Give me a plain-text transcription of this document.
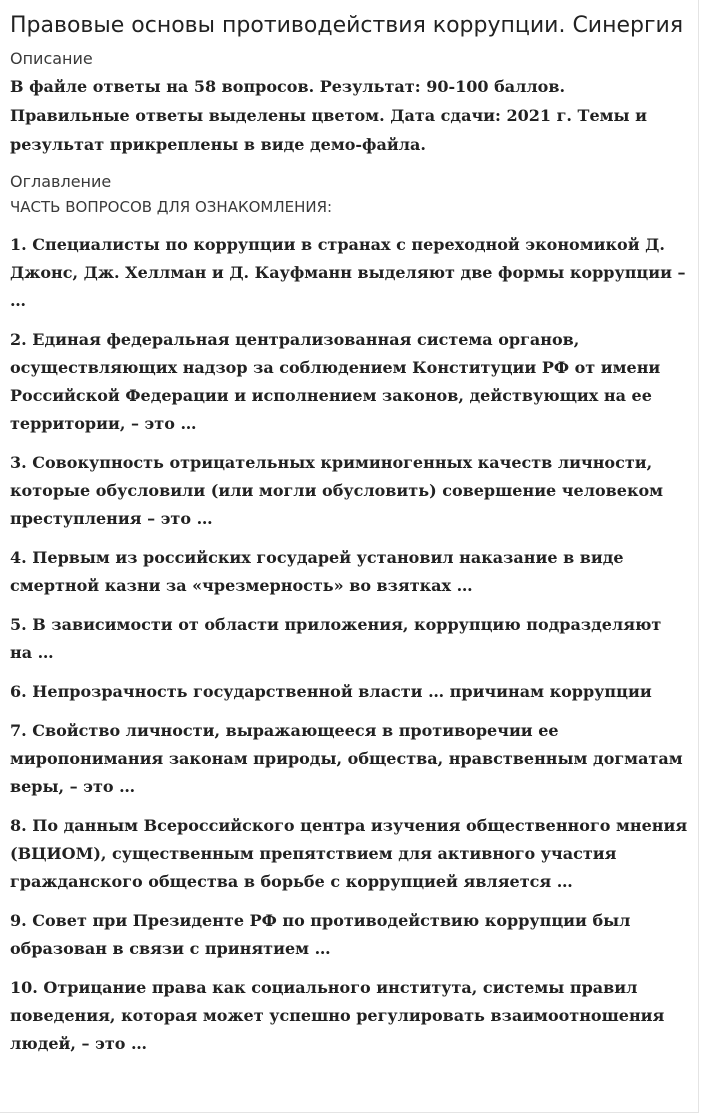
Правовые основы противодействия коррупции. Синергия
Описание

В файле ответы на 58 вопросов. Результат: 90-100 баллов. Правильные ответы выделены цветом. Дата сдачи: 2021 г. Темы и результат прикреплены в виде демо-файла.

Оглавление
ЧАСТЬ ВОПРОСОВ ДЛЯ ОЗНАКОМЛЕНИЯ:
1. Специалисты по коррупции в странах с переходной экономикой Д. Джонс, Дж. Хеллман и Д. Кауфманн выделяют две формы коррупции – …
2. Единая федеральная централизованная система органов, осуществляющих надзор за соблюдением Конституции РФ от имени Российской Федерации и исполнением законов, действующих на ее территории, – это …
3. Совокупность отрицательных криминогенных качеств личности, которые обусловили (или могли обусловить) совершение человеком преступления – это …
4. Первым из российских государей установил наказание в виде смертной казни за «чрезмерность» во взятках …
5. В зависимости от области приложения, коррупцию подразделяют на …
6. Непрозрачность государственной власти … причинам коррупции
7. Свойство личности, выражающееся в противоречии ее миропонимания законам природы, общества, нравственным догматам веры, – это …
8. По данным Всероссийского центра изучения общественного мнения (ВЦИОМ), существенным препятствием для активного участия гражданского общества в борьбе с коррупцией является …
9. Совет при Президенте РФ по противодействию коррупции был образован в связи с принятием …
10. Отрицание права как социального института, системы правил поведения, которая может успешно регулировать взаимоотношения людей, – это …
